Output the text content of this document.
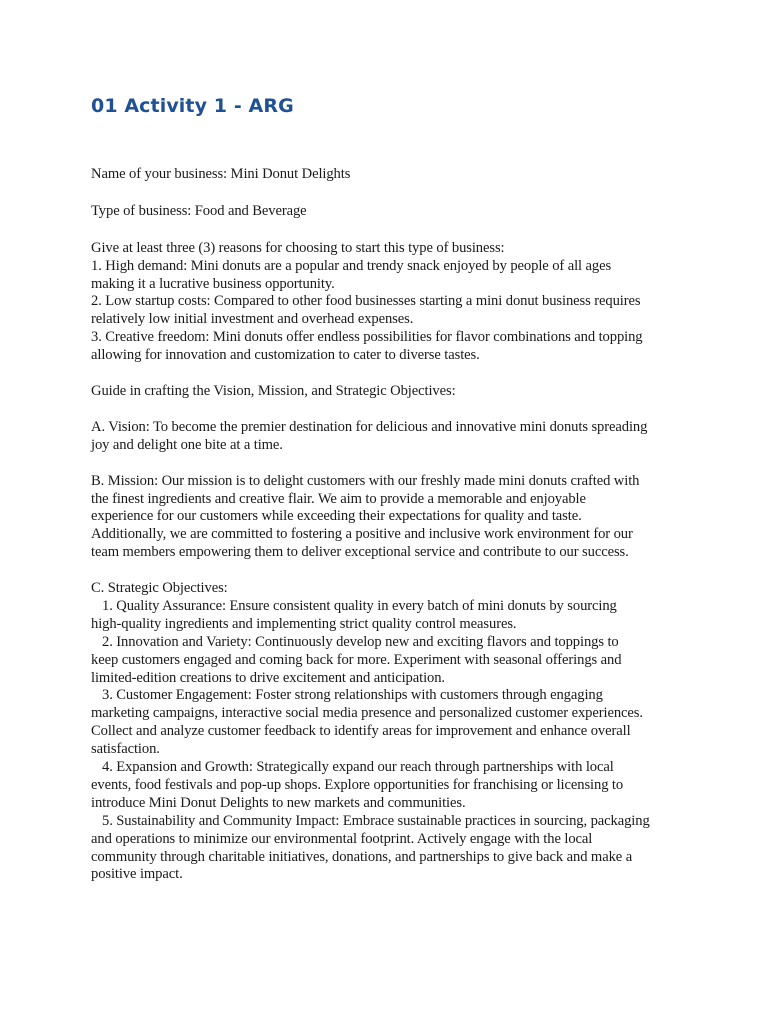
01 Activity 1 - ARG
Name of your business: Mini Donut Delights
Type of business: Food and Beverage
Give at least three (3) reasons for choosing to start this type of business:
1. High demand: Mini donuts are a popular and trendy snack enjoyed by people of all ages
making it a lucrative business opportunity.
2. Low startup costs: Compared to other food businesses starting a mini donut business requires
relatively low initial investment and overhead expenses.
3. Creative freedom: Mini donuts offer endless possibilities for flavor combinations and topping
allowing for innovation and customization to cater to diverse tastes.
Guide in crafting the Vision, Mission, and Strategic Objectives:
A. Vision: To become the premier destination for delicious and innovative mini donuts spreading
joy and delight one bite at a time.
B. Mission: Our mission is to delight customers with our freshly made mini donuts crafted with
the finest ingredients and creative flair. We aim to provide a memorable and enjoyable
experience for our customers while exceeding their expectations for quality and taste.
Additionally, we are committed to fostering a positive and inclusive work environment for our
team members empowering them to deliver exceptional service and contribute to our success.
C. Strategic Objectives:
1. Quality Assurance: Ensure consistent quality in every batch of mini donuts by sourcing
high-quality ingredients and implementing strict quality control measures.
2. Innovation and Variety: Continuously develop new and exciting flavors and toppings to
keep customers engaged and coming back for more. Experiment with seasonal offerings and
limited-edition creations to drive excitement and anticipation.
3. Customer Engagement: Foster strong relationships with customers through engaging
marketing campaigns, interactive social media presence and personalized customer experiences.
Collect and analyze customer feedback to identify areas for improvement and enhance overall
satisfaction.
4. Expansion and Growth: Strategically expand our reach through partnerships with local
events, food festivals and pop-up shops. Explore opportunities for franchising or licensing to
introduce Mini Donut Delights to new markets and communities.
5. Sustainability and Community Impact: Embrace sustainable practices in sourcing, packaging
and operations to minimize our environmental footprint. Actively engage with the local
community through charitable initiatives, donations, and partnerships to give back and make a
positive impact.
